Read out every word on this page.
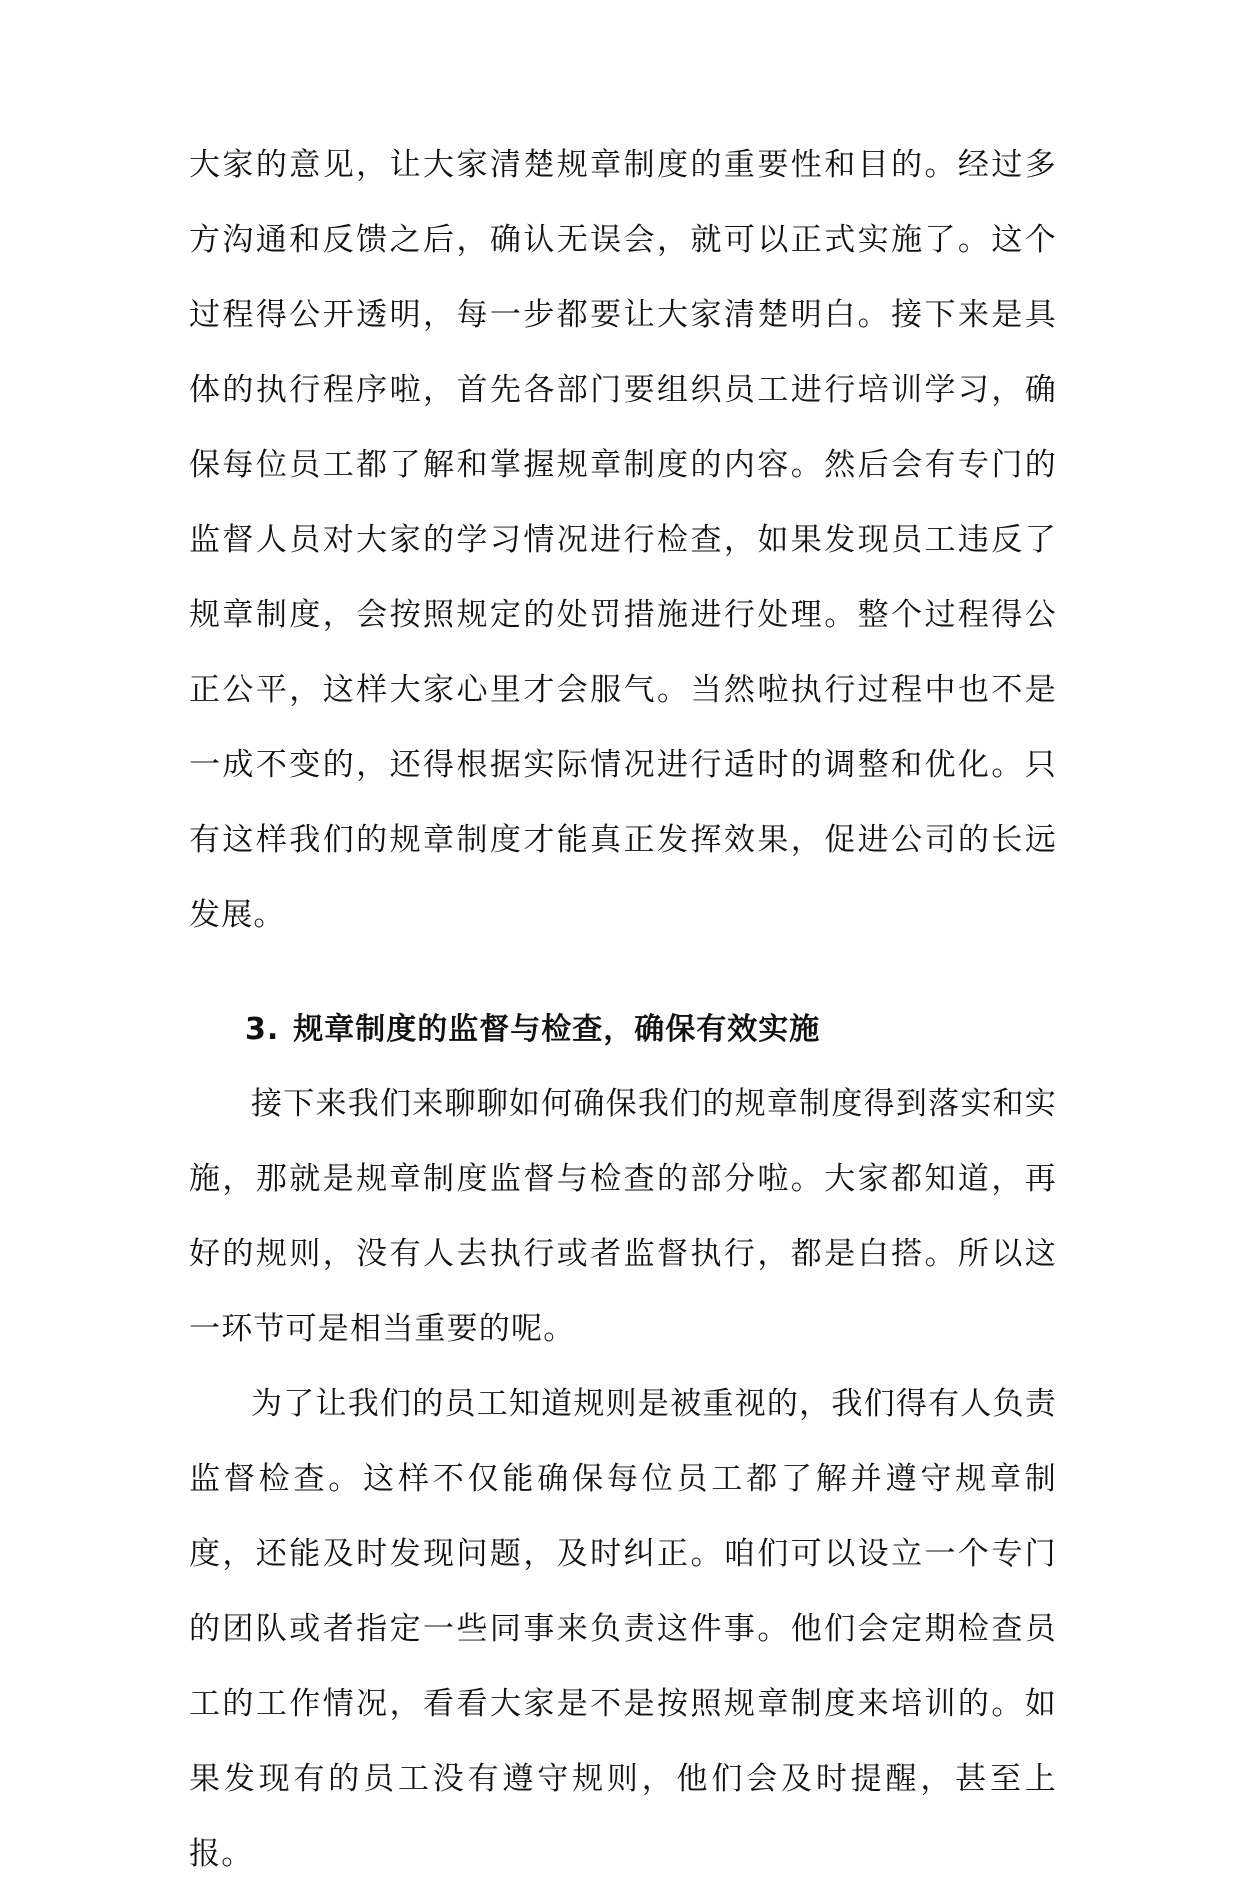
大家的意见，让大家清楚规章制度的重要性和目的。经过多方沟通和反馈之后，确认无误会，就可以正式实施了。这个过程得公开透明，每一步都要让大家清楚明白。接下来是具体的执行程序啦，首先各部门要组织员工进行培训学习，确保每位员工都了解和掌握规章制度的内容。然后会有专门的监督人员对大家的学习情况进行检查，如果发现员工违反了规章制度，会按照规定的处罚措施进行处理。整个过程得公正公平，这样大家心里才会服气。当然啦执行过程中也不是一成不变的，还得根据实际情况进行适时的调整和优化。只有这样我们的规章制度才能真正发挥效果，促进公司的长远发展。

3. 规章制度的监督与检查，确保有效实施

接下来我们来聊聊如何确保我们的规章制度得到落实和实施，那就是规章制度监督与检查的部分啦。大家都知道，再好的规则，没有人去执行或者监督执行，都是白搭。所以这一环节可是相当重要的呢。

为了让我们的员工知道规则是被重视的，我们得有人负责监督检查。这样不仅能确保每位员工都了解并遵守规章制度，还能及时发现问题，及时纠正。咱们可以设立一个专门的团队或者指定一些同事来负责这件事。他们会定期检查员工的工作情况，看看大家是不是按照规章制度来培训的。如果发现有的员工没有遵守规则，他们会及时提醒，甚至上报。
